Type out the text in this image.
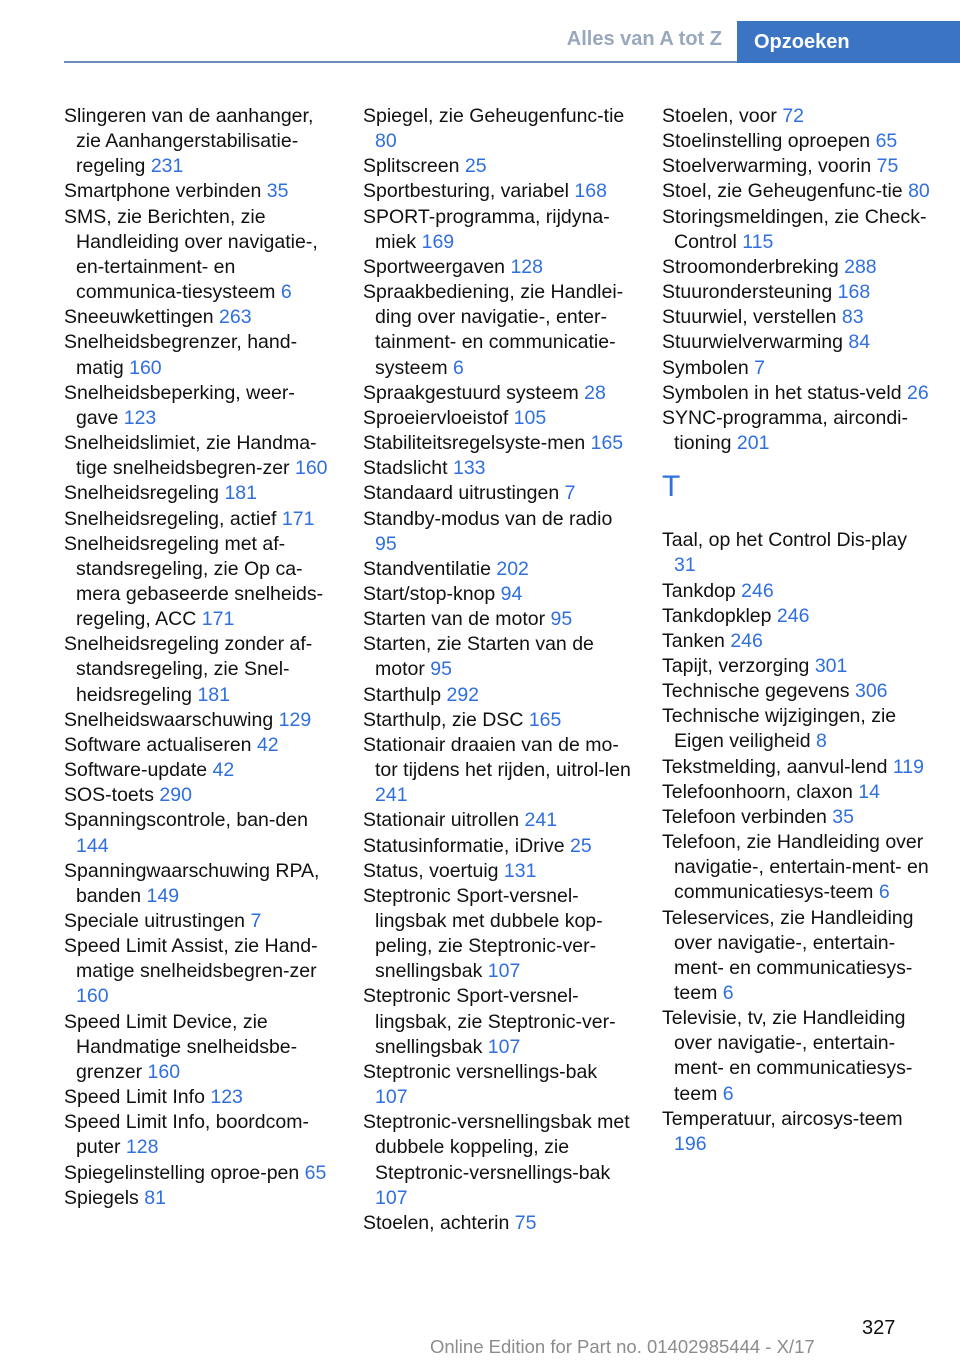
Alles van A tot Z	Opzoeken
Slingeren van de aanhanger, zie Aanhangerstabilisatie-regeling 231
Smartphone verbinden 35
SMS, zie Berichten, zie Handleiding over navigatie-, en-tertainment- en communica-tiesysteem 6
Sneeuwkettingen 263
Snelheidsbegrenzer, hand-matig 160
Snelheidsbeperking, weer-gave 123
Snelheidslimiet, zie Handma-tige snelheidsbegren-zer 160
Snelheidsregeling 181
Snelheidsregeling, actief 171
Snelheidsregeling met af-standsregeling, zie Op ca-mera gebaseerde snelheids-regeling, ACC 171
Snelheidsregeling zonder af-standsregeling, zie Snel-heidsregeling 181
Snelheidswaarschuwing 129
Software actualiseren 42
Software-update 42
SOS-toets 290
Spanningscontrole, ban-den 144
Spanningwaarschuwing RPA, banden 149
Speciale uitrustingen 7
Speed Limit Assist, zie Hand-matige snelheidsbegren-zer 160
Speed Limit Device, zie Handmatige snelheidsbe-grenzer 160
Speed Limit Info 123
Speed Limit Info, boordcom-puter 128
Spiegelinstelling oproe-pen 65
Spiegels 81
Spiegel, zie Geheugenfunc-tie 80
Splitscreen 25
Sportbesturing, variabel 168
SPORT-programma, rijdyna-miek 169
Sportweergaven 128
Spraakbediening, zie Handlei-ding over navigatie-, enter-tainment- en communicatie-systeem 6
Spraakgestuurd systeem 28
Sproeiervloeistof 105
Stabiliteitsregelsyste-men 165
Stadslicht 133
Standaard uitrustingen 7
Standby-modus van de radio 95
Standventilatie 202
Start/stop-knop 94
Starten van de motor 95
Starten, zie Starten van de motor 95
Starthulp 292
Starthulp, zie DSC 165
Stationair draaien van de mo-tor tijdens het rijden, uitrol-len 241
Stationair uitrollen 241
Statusinformatie, iDrive 25
Status, voertuig 131
Steptronic Sport-versnel-lingsbak met dubbele kop-peling, zie Steptronic-ver-snellingsbak 107
Steptronic Sport-versnel-lingsbak, zie Steptronic-ver-snellingsbak 107
Steptronic versnellings-bak 107
Steptronic-versnellingsbak met dubbele koppeling, zie Steptronic-versnellings-bak 107
Stoelen, achterin 75
Stoelen, voor 72
Stoelinstelling oproepen 65
Stoelverwarming, voorin 75
Stoel, zie Geheugenfunc-tie 80
Storingsmeldingen, zie Check-Control 115
Stroomonderbreking 288
Stuurondersteuning 168
Stuurwiel, verstellen 83
Stuurwielverwarming 84
Symbolen 7
Symbolen in het status-veld 26
SYNC-programma, aircondi-tioning 201
T
Taal, op het Control Dis-play 31
Tankdop 246
Tankdopklep 246
Tanken 246
Tapijt, verzorging 301
Technische gegevens 306
Technische wijzigingen, zie Eigen veiligheid 8
Tekstmelding, aanvul-lend 119
Telefoonhoorn, claxon 14
Telefoon verbinden 35
Telefoon, zie Handleiding over navigatie-, entertain-ment- en communicatiesys-teem 6
Teleservices, zie Handleiding over navigatie-, entertain-ment- en communicatiesys-teem 6
Televisie, tv, zie Handleiding over navigatie-, entertain-ment- en communicatiesys-teem 6
Temperatuur, aircosys-teem 196
327
Online Edition for Part no. 01402985444 - X/17
